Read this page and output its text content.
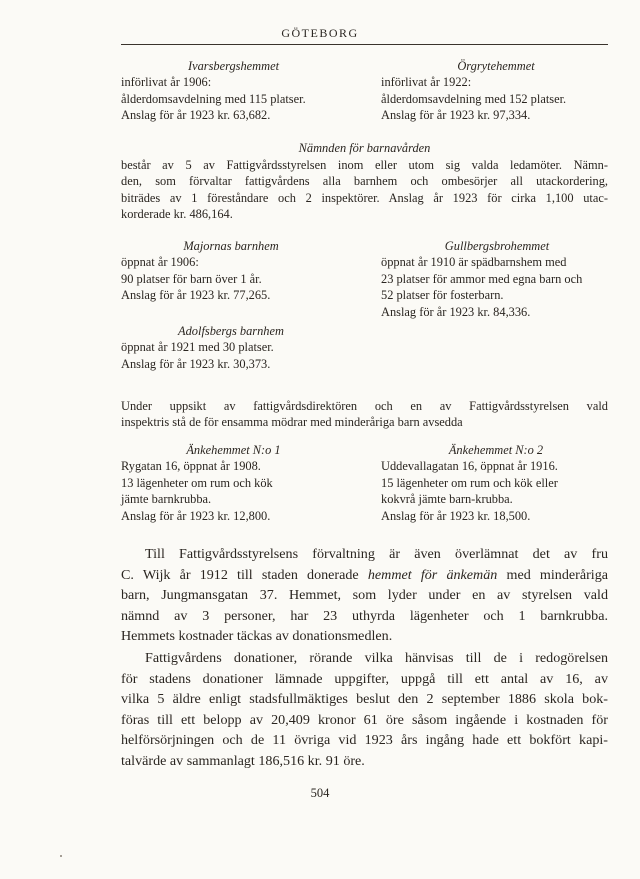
GÖTEBORG
Ivarsbergshemmet
införlivat år 1906:
ålderdomsavdelning med 115 platser.
Anslag för år 1923 kr. 63,682.
Örgrytehemmet
införlivat år 1922:
ålderdomsavdelning med 152 platser.
Anslag för år 1923 kr. 97,334.
Nämnden för barnavården
består av 5 av Fattigvårdsstyrelsen inom eller utom sig valda ledamöter. Nämn-
den, som förvaltar fattigvårdens alla barnhem och ombesörjer all utackordering,
biträdes av 1 föreståndare och 2 inspektörer. Anslag år 1923 för cirka 1,100 utac-
korderade kr. 486,164.
Majornas barnhem
öppnat år 1906:
90 platser för barn över 1 år.
Anslag för år 1923 kr. 77,265.
Gullbergsbrohemmet
öppnat år 1910 är spädbarnshem med
23 platser för ammor med egna barn och
52 platser för fosterbarn.
Anslag för år 1923 kr. 84,336.
Adolfsbergs barnhem
öppnat år 1921 med 30 platser.
Anslag för år 1923 kr. 30,373.
Under uppsikt av fattigvårdsdirektören och en av Fattigvårdsstyrelsen vald
inspektris stå de för ensamma mödrar med minderåriga barn avsedda
Änkehemmet N:o 1
Rygatan 16, öppnat år 1908.
13 lägenheter om rum och kök
jämte barnkrubba.
Anslag för år 1923 kr. 12,800.
Änkehemmet N:o 2
Uddevallagatan 16, öppnat år 1916.
15 lägenheter om rum och kök eller
kokvrå jämte barn-krubba.
Anslag för år 1923 kr. 18,500.
Till Fattigvårdsstyrelsens förvaltning är även överlämnat det av fru
C. Wijk år 1912 till staden donerade hemmet för änkemän med minderåriga
barn, Jungmansgatan 37. Hemmet, som lyder under en av styrelsen vald
nämnd av 3 personer, har 23 uthyrda lägenheter och 1 barnkrubba.
Hemmets kostnader täckas av donationsmedlen.
Fattigvårdens donationer, rörande vilka hänvisas till de i redogörelsen
för stadens donationer lämnade uppgifter, uppgå till ett antal av 16, av
vilka 5 äldre enligt stadsfullmäktiges beslut den 2 september 1886 skola bok-
föras till ett belopp av 20,409 kronor 61 öre såsom ingående i kostnaden för
helförsörjningen och de 11 övriga vid 1923 års ingång hade ett bokfört kapi-
talvärde av sammanlagt 186,516 kr. 91 öre.
504
